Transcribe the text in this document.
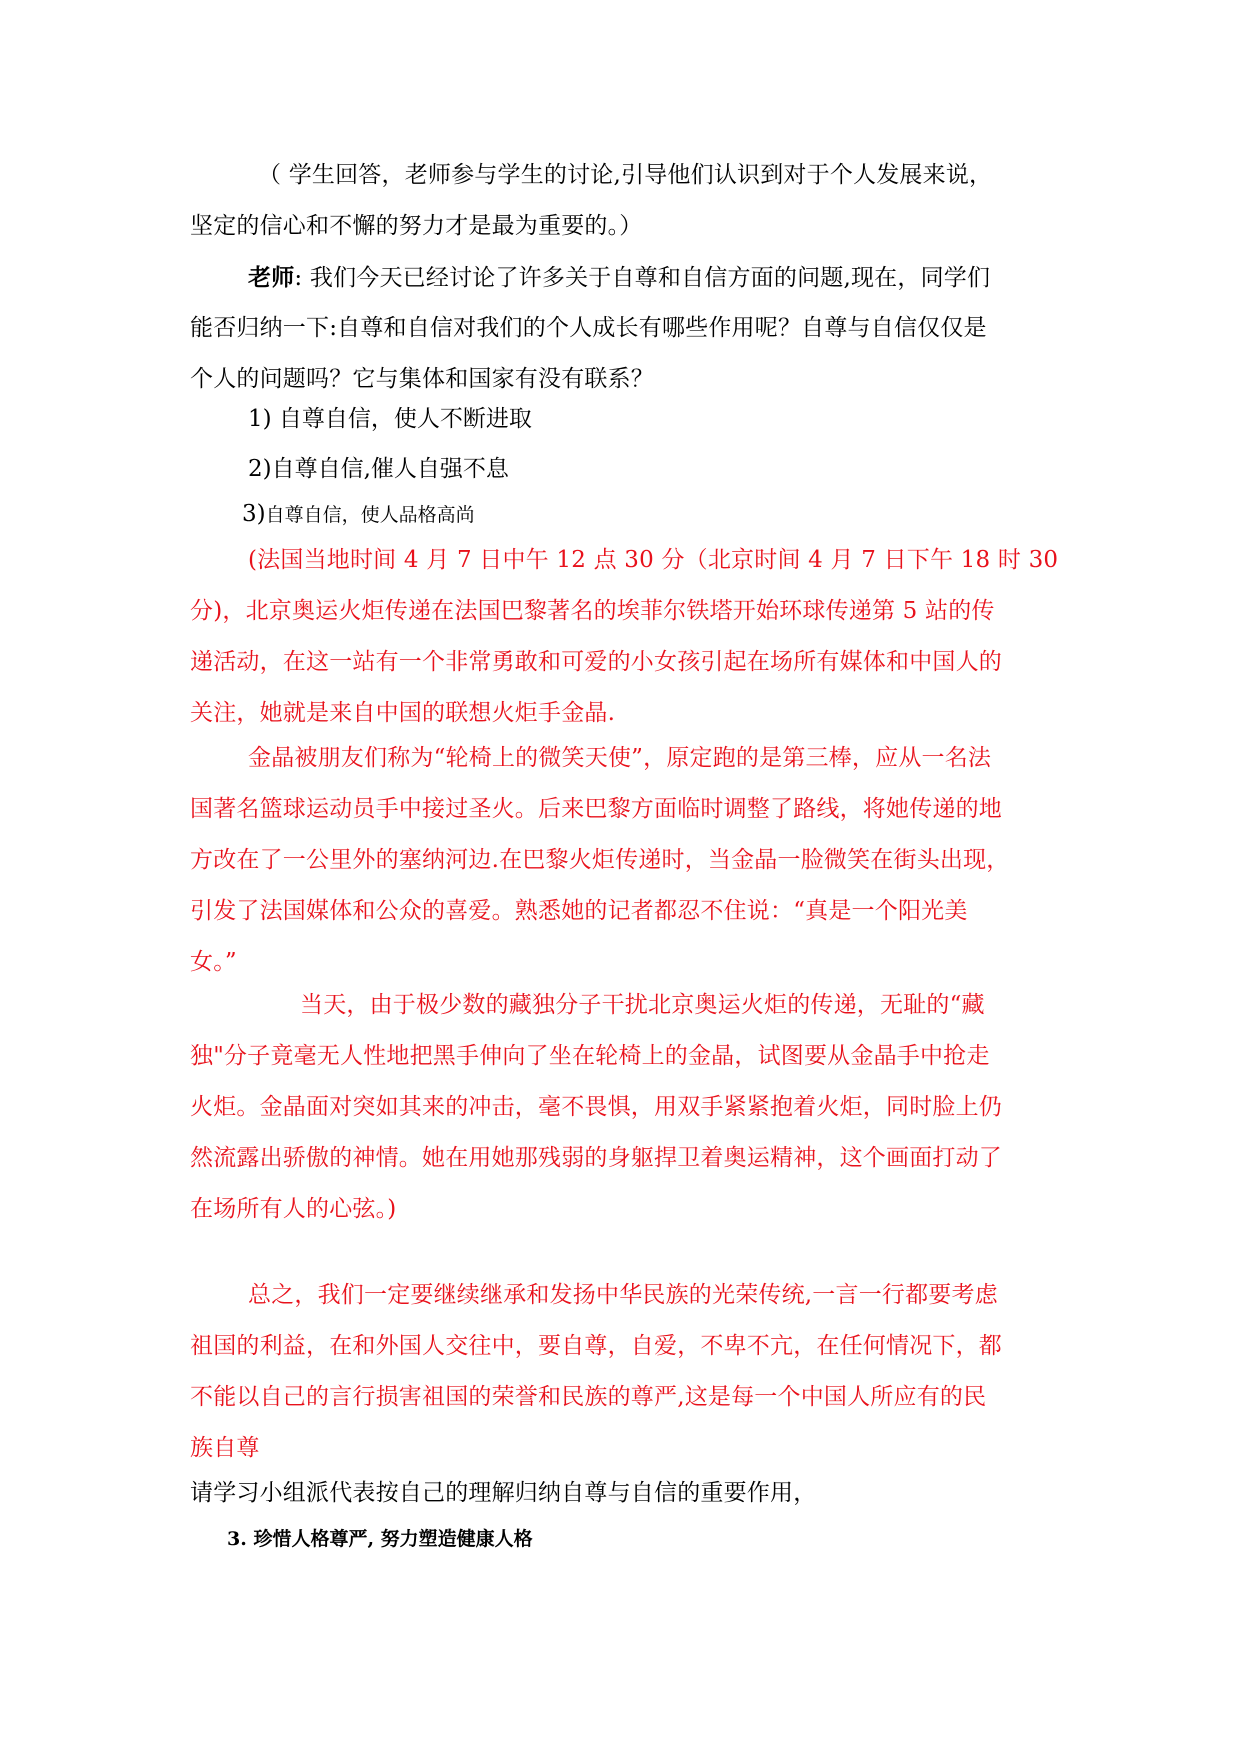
（ 学生回答，老师参与学生的讨论,引导他们认识到对于个人发展来说，
坚定的信心和不懈的努力才是最为重要的。）
老师: 我们今天已经讨论了许多关于自尊和自信方面的问题,现在，同学们
能否归纳一下:自尊和自信对我们的个人成长有哪些作用呢？自尊与自信仅仅是
个人的问题吗？它与集体和国家有没有联系？
1) 自尊自信，使人不断进取
2)自尊自信,催人自强不息
3)自尊自信，使人品格高尚
(法国当地时间 4 月 7 日中午 12 点 30 分（北京时间 4 月 7 日下午 18 时 30
分)，北京奥运火炬传递在法国巴黎著名的埃菲尔铁塔开始环球传递第 5 站的传
递活动，在这一站有一个非常勇敢和可爱的小女孩引起在场所有媒体和中国人的
关注，她就是来自中国的联想火炬手金晶.
金晶被朋友们称为“轮椅上的微笑天使”，原定跑的是第三棒，应从一名法
国著名篮球运动员手中接过圣火。后来巴黎方面临时调整了路线，将她传递的地
方改在了一公里外的塞纳河边.在巴黎火炬传递时，当金晶一脸微笑在街头出现，
引发了法国媒体和公众的喜爱。熟悉她的记者都忍不住说：“真是一个阳光美
女。”
当天，由于极少数的藏独分子干扰北京奥运火炬的传递，无耻的“藏
独"分子竟毫无人性地把黑手伸向了坐在轮椅上的金晶，试图要从金晶手中抢走
火炬。金晶面对突如其来的冲击，毫不畏惧，用双手紧紧抱着火炬，同时脸上仍
然流露出骄傲的神情。她在用她那残弱的身躯捍卫着奥运精神，这个画面打动了
在场所有人的心弦。)
总之，我们一定要继续继承和发扬中华民族的光荣传统,一言一行都要考虑
祖国的利益，在和外国人交往中，要自尊，自爱，不卑不亢，在任何情况下，都
不能以自己的言行损害祖国的荣誉和民族的尊严,这是每一个中国人所应有的民
族自尊
请学习小组派代表按自己的理解归纳自尊与自信的重要作用，
3. 珍惜人格尊严, 努力塑造健康人格
